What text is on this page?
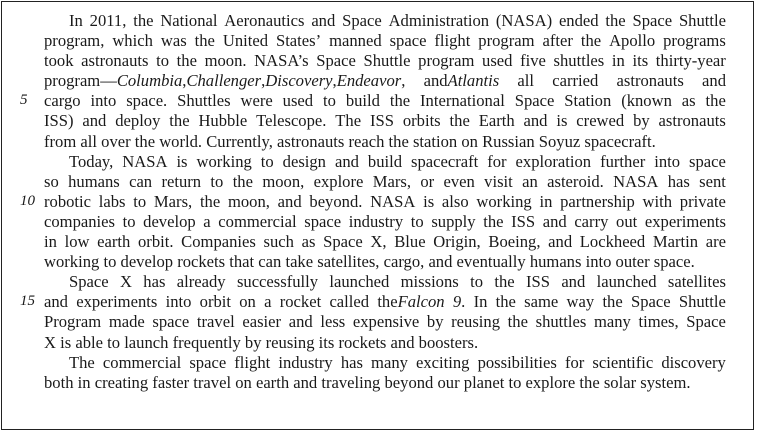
In 2011, the National Aeronautics and Space Administration (NASA) ended the Space Shuttle
program, which was the United States’ manned space flight program after the Apollo programs
took astronauts to the moon. NASA’s Space Shuttle program used five shuttles in its thirty-year
program—Columbia,Challenger,Discovery,Endeavor, andAtlantis all carried astronauts and
cargo into space. Shuttles were used to build the International Space Station (known as the
ISS) and deploy the Hubble Telescope. The ISS orbits the Earth and is crewed by astronauts
from all over the world. Currently, astronauts reach the station on Russian Soyuz spacecraft.
Today, NASA is working to design and build spacecraft for exploration further into space
so humans can return to the moon, explore Mars, or even visit an asteroid. NASA has sent
robotic labs to Mars, the moon, and beyond. NASA is also working in partnership with private
companies to develop a commercial space industry to supply the ISS and carry out experiments
in low earth orbit. Companies such as Space X, Blue Origin, Boeing, and Lockheed Martin are
working to develop rockets that can take satellites, cargo, and eventually humans into outer space.
Space X has already successfully launched missions to the ISS and launched satellites
and experiments into orbit on a rocket called theFalcon 9. In the same way the Space Shuttle
Program made space travel easier and less expensive by reusing the shuttles many times, Space
X is able to launch frequently by reusing its rockets and boosters.
The commercial space flight industry has many exciting possibilities for scientific discovery
both in creating faster travel on earth and traveling beyond our planet to explore the solar system.
5
10
15
